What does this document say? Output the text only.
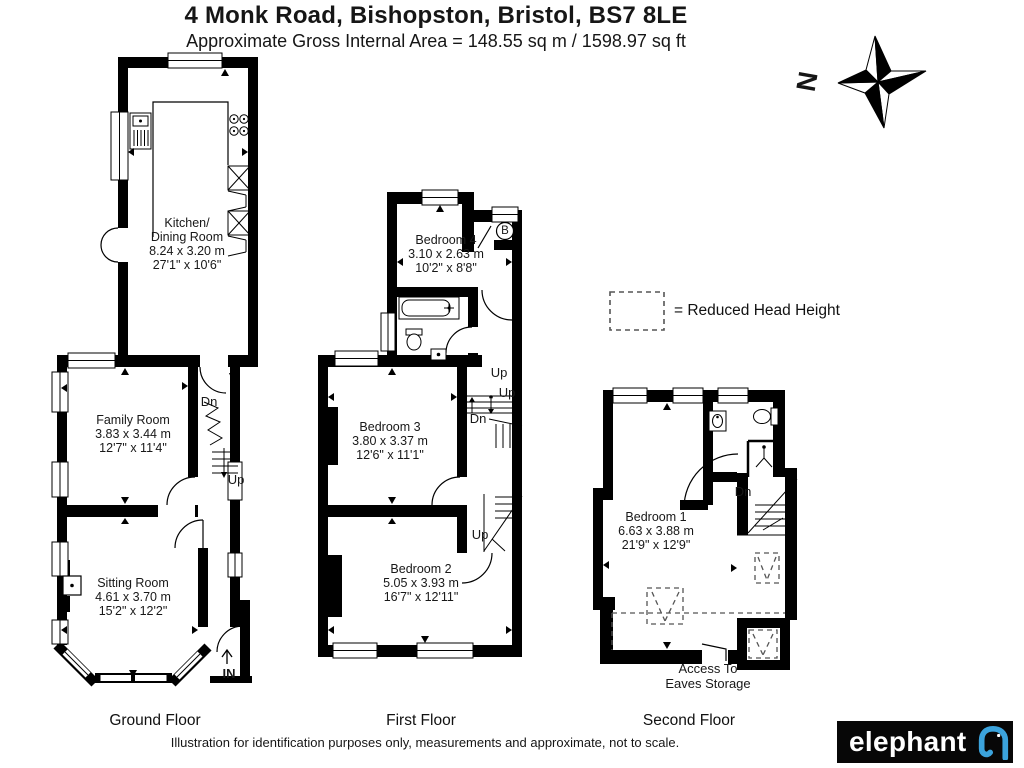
4 Monk Road, Bishopston, Bristol, BS7 8LE
Approximate Gross Internal Area = 148.55 sq m / 1598.97 sq ft
N
= Reduced Head Height
Kitchen/
Dining Room
8.24 x 3.20 m
27'1" x 10'6"
Family Room
3.83 x 3.44 m
12'7" x 11'4"
Sitting Room
4.61 x 3.70 m
15'2" x 12'2"
Bedroom 4
3.10 x 2.63 m
10'2" x 8'8"
Bedroom 3
3.80 x 3.37 m
12'6" x 11'1"
Bedroom 2
5.05 x 3.93 m
16'7" x 12'11"
Bedroom 1
6.63 x 3.88 m
21'9" x 12'9"
Dn
Up
IN
Up
Up
Dn
Up
B
Dn
Access To
Eaves Storage
Ground Floor	First Floor	Second Floor
Illustration for identification purposes only, measurements and approximate, not to scale.	elephant
